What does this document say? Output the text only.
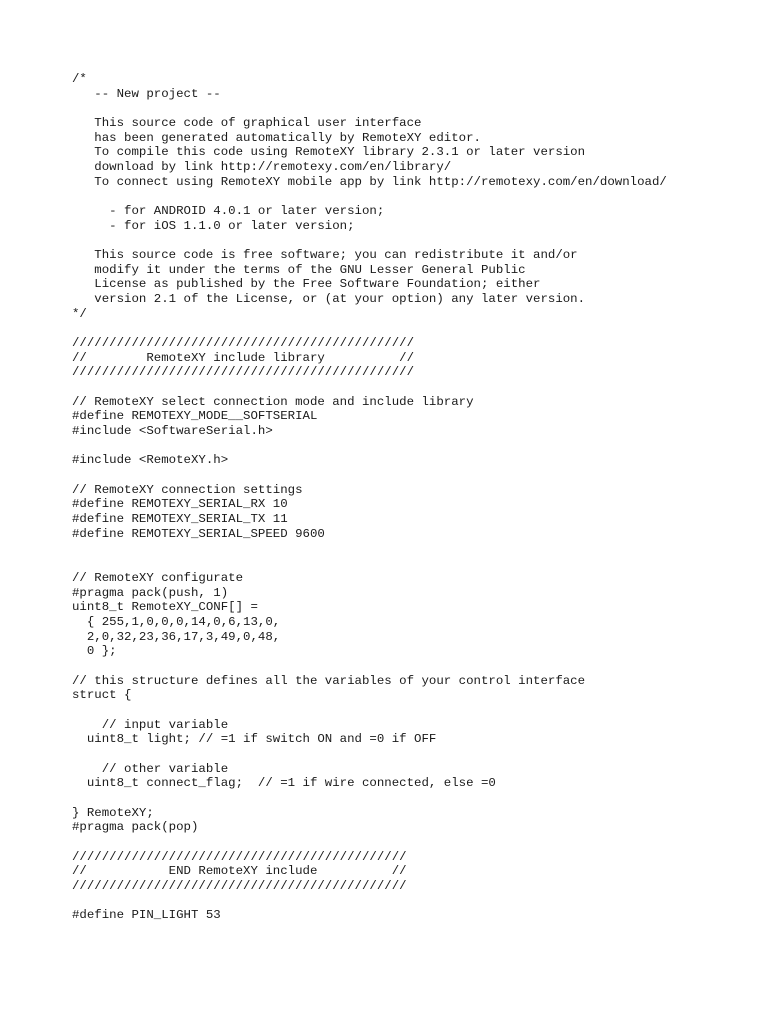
/*
-- New project --
This source code of graphical user interface
has been generated automatically by RemoteXY editor.
To compile this code using RemoteXY library 2.3.1 or later version
download by link http://remotexy.com/en/library/
To connect using RemoteXY mobile app by link http://remotexy.com/en/download/
- for ANDROID 4.0.1 or later version;
- for iOS 1.1.0 or later version;
This source code is free software; you can redistribute it and/or
modify it under the terms of the GNU Lesser General Public
License as published by the Free Software Foundation; either
version 2.1 of the License, or (at your option) any later version.
*/
//////////////////////////////////////////////
//        RemoteXY include library          //
//////////////////////////////////////////////
// RemoteXY select connection mode and include library
#define REMOTEXY_MODE__SOFTSERIAL
#include <SoftwareSerial.h>
#include <RemoteXY.h>
// RemoteXY connection settings
#define REMOTEXY_SERIAL_RX 10
#define REMOTEXY_SERIAL_TX 11
#define REMOTEXY_SERIAL_SPEED 9600
// RemoteXY configurate
#pragma pack(push, 1)
uint8_t RemoteXY_CONF[] =
{ 255,1,0,0,0,14,0,6,13,0,
2,0,32,23,36,17,3,49,0,48,
0 };
// this structure defines all the variables of your control interface
struct {
// input variable
uint8_t light; // =1 if switch ON and =0 if OFF
// other variable
uint8_t connect_flag;  // =1 if wire connected, else =0
} RemoteXY;
#pragma pack(pop)
/////////////////////////////////////////////
//           END RemoteXY include          //
/////////////////////////////////////////////
#define PIN_LIGHT 53
